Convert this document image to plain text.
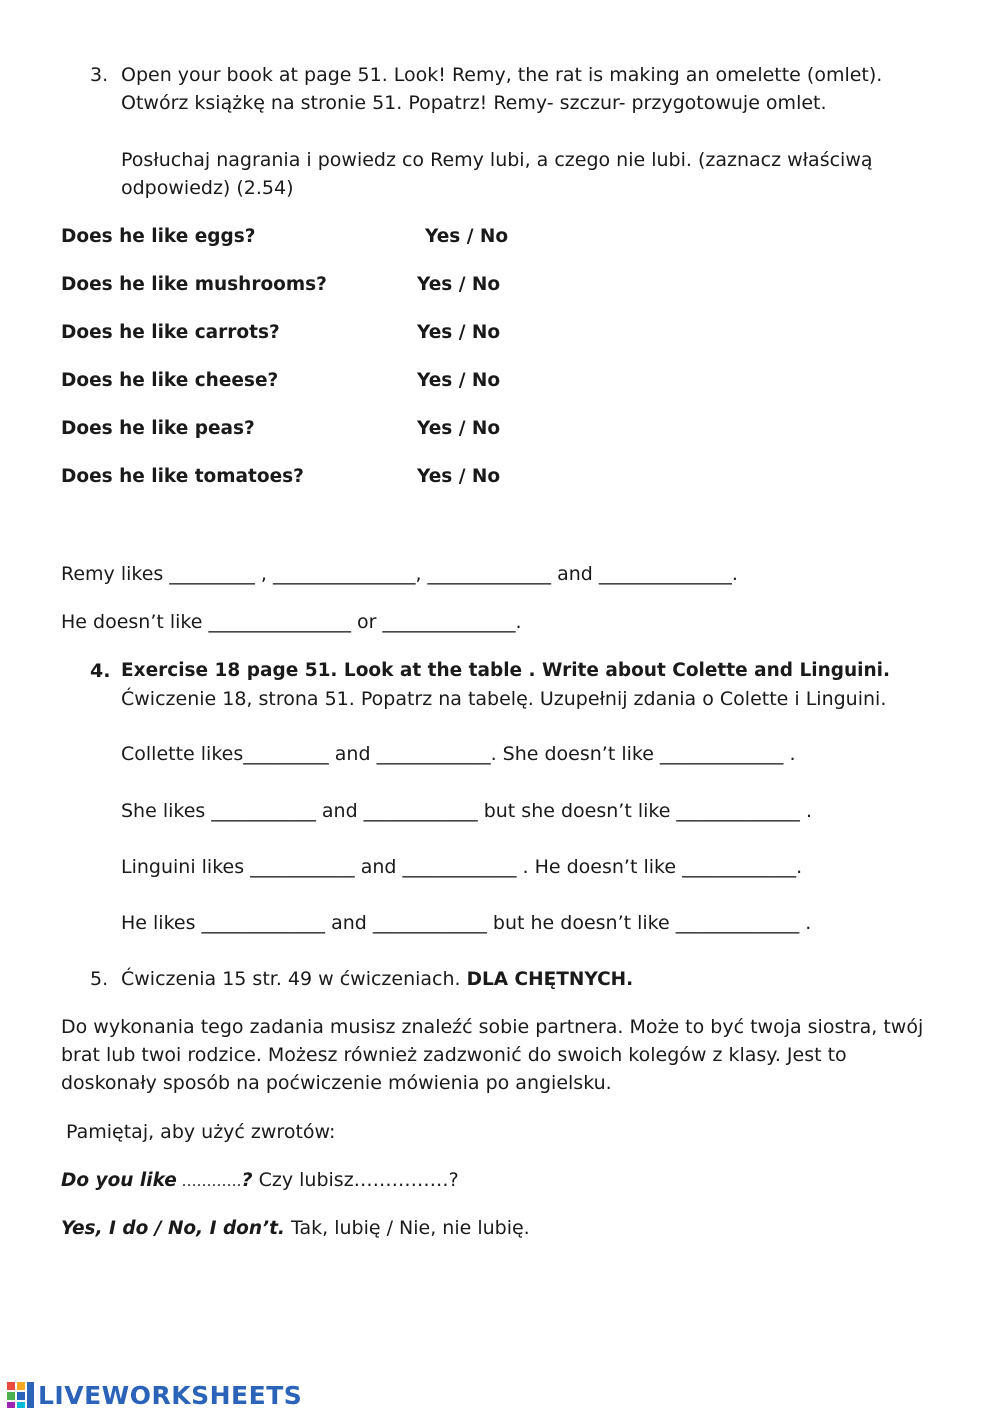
3. Open your book at page 51. Look! Remy, the rat is making an omelette (omlet).
Otwórz książkę na stronie 51. Popatrz! Remy- szczur- przygotowuje omlet.
Posłuchaj nagrania i powiedz co Remy lubi, a czego nie lubi. (zaznacz właściwą
odpowiedz) (2.54)
Does he like eggs?	Yes / No
Does he like mushrooms?	Yes / No
Does he like carrots?	Yes / No
Does he like cheese?	Yes / No
Does he like peas?	Yes / No
Does he like tomatoes?	Yes / No
Remy likes _________ , _______________, _____________ and ______________.
He doesn’t like _______________ or ______________.
4. Exercise 18 page 51. Look at the table . Write about Colette and Linguini.
Ćwiczenie 18, strona 51. Popatrz na tabelę. Uzupełnij zdania o Colette i Linguini.
Collette likes_________ and ____________. She doesn’t like _____________ .
She likes ___________ and ____________ but she doesn’t like _____________ .
Linguini likes ___________ and ____________ . He doesn’t like ____________.
He likes _____________ and ____________ but he doesn’t like _____________ .
5. Ćwiczenia 15 str. 49 w ćwiczeniach. DLA CHĘTNYCH.
Do wykonania tego zadania musisz znaleźć sobie partnera. Może to być twoja siostra, twój
brat lub twoi rodzice. Możesz również zadzwonić do swoich kolegów z klasy. Jest to
doskonały sposób na poćwiczenie mówienia po angielsku.
Pamiętaj, aby użyć zwrotów:
Do you like …………? Czy lubisz……………?
Yes, I do / No, I don’t. Tak, lubię / Nie, nie lubię.
LIVEWORKSHEETS
